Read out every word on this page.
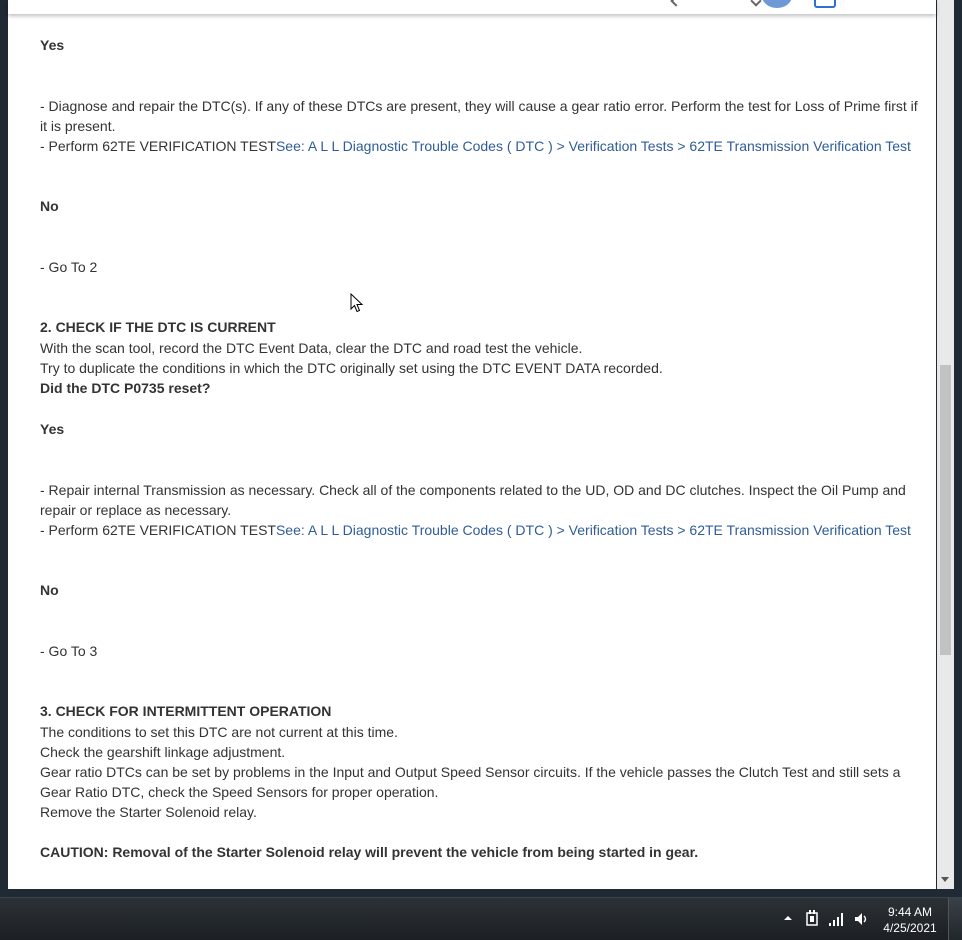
Yes
- Diagnose and repair the DTC(s). If any of these DTCs are present, they will cause a gear ratio error. Perform the test for Loss of Prime first if it is present.
- Perform 62TE VERIFICATION TESTSee: A L L Diagnostic Trouble Codes ( DTC ) > Verification Tests > 62TE Transmission Verification Test
No
- Go To 2
2. CHECK IF THE DTC IS CURRENT
With the scan tool, record the DTC Event Data, clear the DTC and road test the vehicle.
Try to duplicate the conditions in which the DTC originally set using the DTC EVENT DATA recorded.
Did the DTC P0735 reset?
Yes
- Repair internal Transmission as necessary. Check all of the components related to the UD, OD and DC clutches. Inspect the Oil Pump and repair or replace as necessary.
- Perform 62TE VERIFICATION TESTSee: A L L Diagnostic Trouble Codes ( DTC ) > Verification Tests > 62TE Transmission Verification Test
No
- Go To 3
3. CHECK FOR INTERMITTENT OPERATION
The conditions to set this DTC are not current at this time.
Check the gearshift linkage adjustment.
Gear ratio DTCs can be set by problems in the Input and Output Speed Sensor circuits. If the vehicle passes the Clutch Test and still sets a Gear Ratio DTC, check the Speed Sensors for proper operation.
Remove the Starter Solenoid relay.
CAUTION: Removal of the Starter Solenoid relay will prevent the vehicle from being started in gear.
9:44 AM
4/25/2021
